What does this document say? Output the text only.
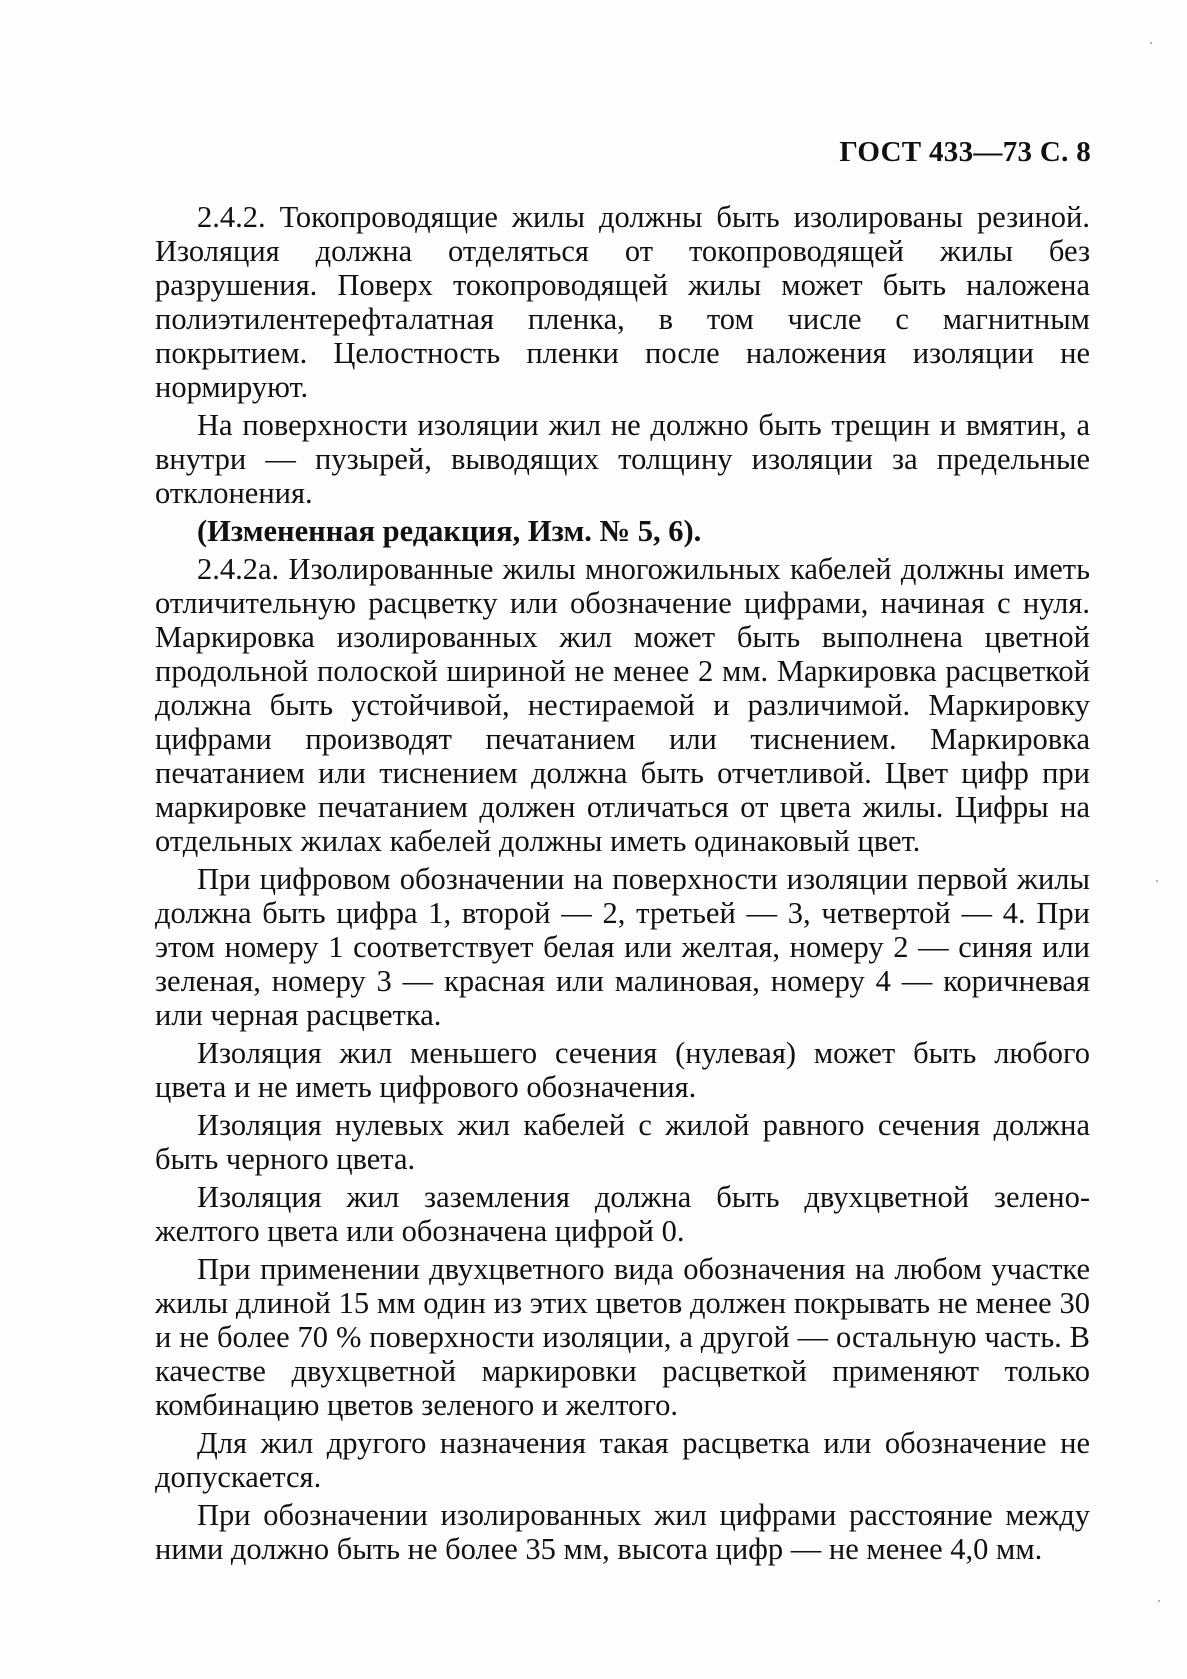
ГОСТ 433—73 С. 8

2.4.2. Токопроводящие жилы должны быть изолированы резиной. Изоляция должна отделяться от токопроводящей жилы без разрушения. Поверх токопроводящей жилы может быть наложена полиэтилентерефталатная пленка, в том числе с магнитным покрытием. Целостность пленки после наложения изоляции не нормируют.

На поверхности изоляции жил не должно быть трещин и вмятин, а внутри — пузырей, выводящих толщину изоляции за предельные отклонения.

(Измененная редакция, Изм. № 5, 6).

2.4.2а. Изолированные жилы многожильных кабелей должны иметь отличительную расцветку или обозначение цифрами, начиная с нуля. Маркировка изолированных жил может быть выполнена цветной продольной полоской шириной не менее 2 мм. Маркировка расцветкой должна быть устойчивой, нестираемой и различимой. Маркировку цифрами производят печатанием или тиснением. Маркировка печатанием или тиснением должна быть отчетливой. Цвет цифр при маркировке печатанием должен отличаться от цвета жилы. Цифры на отдельных жилах кабелей должны иметь одинаковый цвет.

При цифровом обозначении на поверхности изоляции первой жилы должна быть цифра 1, второй — 2, третьей — 3, четвертой — 4. При этом номеру 1 соответствует белая или желтая, номеру 2 — синяя или зеленая, номеру 3 — красная или малиновая, номеру 4 — коричневая или черная расцветка.

Изоляция жил меньшего сечения (нулевая) может быть любого цвета и не иметь цифрового обозначения.

Изоляция нулевых жил кабелей с жилой равного сечения должна быть черного цвета.

Изоляция жил заземления должна быть двухцветной зелено-желтого цвета или обозначена цифрой 0.

При применении двухцветного вида обозначения на любом участке жилы длиной 15 мм один из этих цветов должен покрывать не менее 30 и не более 70 % поверхности изоляции, а другой — остальную часть. В качестве двухцветной маркировки расцветкой применяют только комбинацию цветов зеленого и желтого.

Для жил другого назначения такая расцветка или обозначение не допускается.

При обозначении изолированных жил цифрами расстояние между ними должно быть не более 35 мм, высота цифр — не менее 4,0 мм.
